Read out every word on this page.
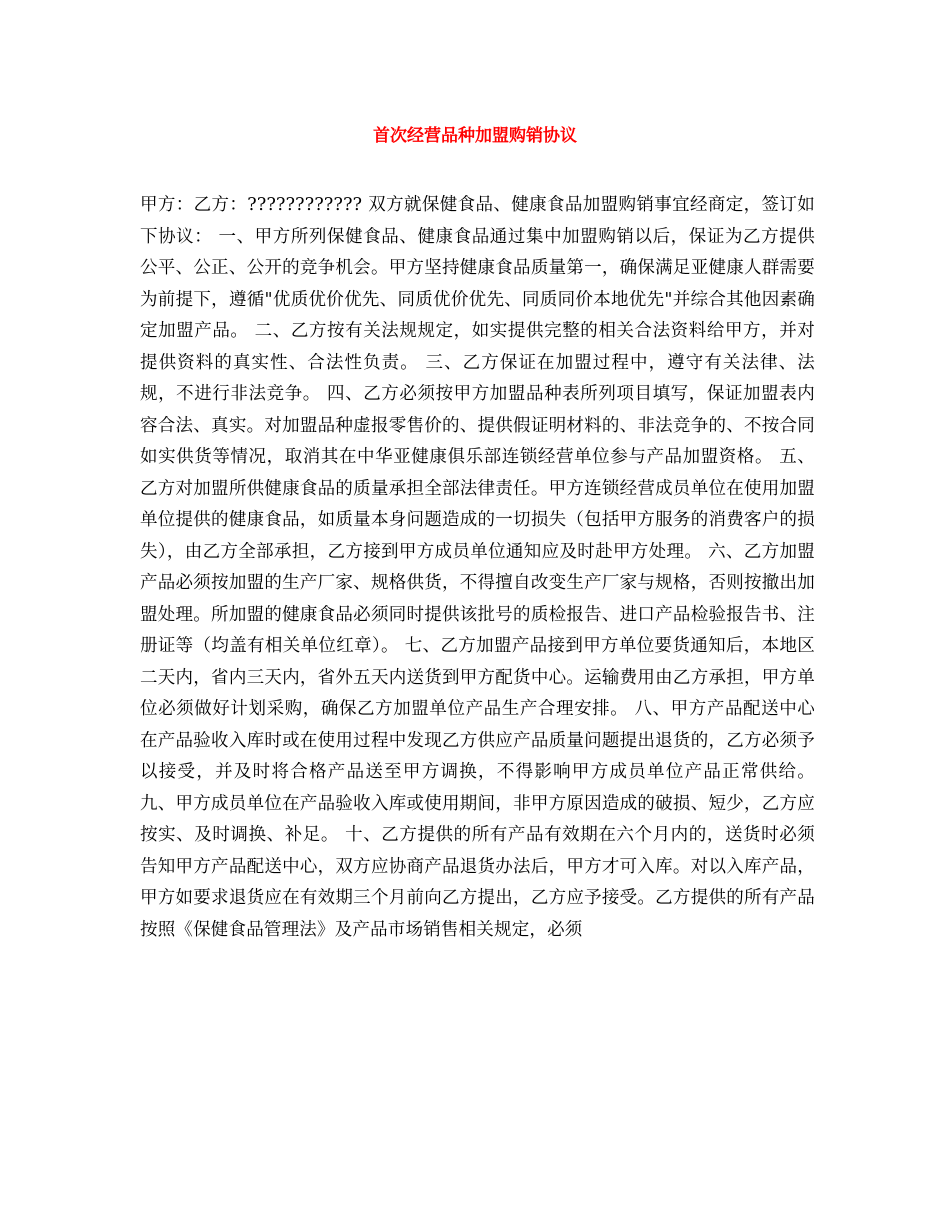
首次经营品种加盟购销协议

甲方：乙方：???????????? 双方就保健食品、健康食品加盟购销事宜经商定，签订如下协议： 一、甲方所列保健食品、健康食品通过集中加盟购销以后，保证为乙方提供公平、公正、公开的竞争机会。甲方坚持健康食品质量第一，确保满足亚健康人群需要为前提下，遵循"优质优价优先、同质优价优先、同质同价本地优先"并综合其他因素确定加盟产品。 二、乙方按有关法规规定，如实提供完整的相关合法资料给甲方，并对提供资料的真实性、合法性负责。 三、乙方保证在加盟过程中，遵守有关法律、法规，不进行非法竞争。 四、乙方必须按甲方加盟品种表所列项目填写，保证加盟表内容合法、真实。对加盟品种虚报零售价的、提供假证明材料的、非法竞争的、不按合同如实供货等情况，取消其在中华亚健康俱乐部连锁经营单位参与产品加盟资格。 五、乙方对加盟所供健康食品的质量承担全部法律责任。甲方连锁经营成员单位在使用加盟单位提供的健康食品，如质量本身问题造成的一切损失（包括甲方服务的消费客户的损失），由乙方全部承担，乙方接到甲方成员单位通知应及时赴甲方处理。 六、乙方加盟产品必须按加盟的生产厂家、规格供货，不得擅自改变生产厂家与规格，否则按撤出加盟处理。所加盟的健康食品必须同时提供该批号的质检报告、进口产品检验报告书、注册证等（均盖有相关单位红章）。 七、乙方加盟产品接到甲方单位要货通知后，本地区二天内，省内三天内，省外五天内送货到甲方配货中心。运输费用由乙方承担，甲方单位必须做好计划采购，确保乙方加盟单位产品生产合理安排。 八、甲方产品配送中心在产品验收入库时或在使用过程中发现乙方供应产品质量问题提出退货的，乙方必须予以接受，并及时将合格产品送至甲方调换，不得影响甲方成员单位产品正常供给。 九、甲方成员单位在产品验收入库或使用期间，非甲方原因造成的破损、短少，乙方应按实、及时调换、补足。 十、乙方提供的所有产品有效期在六个月内的，送货时必须告知甲方产品配送中心，双方应协商产品退货办法后，甲方才可入库。对以入库产品，甲方如要求退货应在有效期三个月前向乙方提出，乙方应予接受。乙方提供的所有产品按照《保健食品管理法》及产品市场销售相关规定，必须
